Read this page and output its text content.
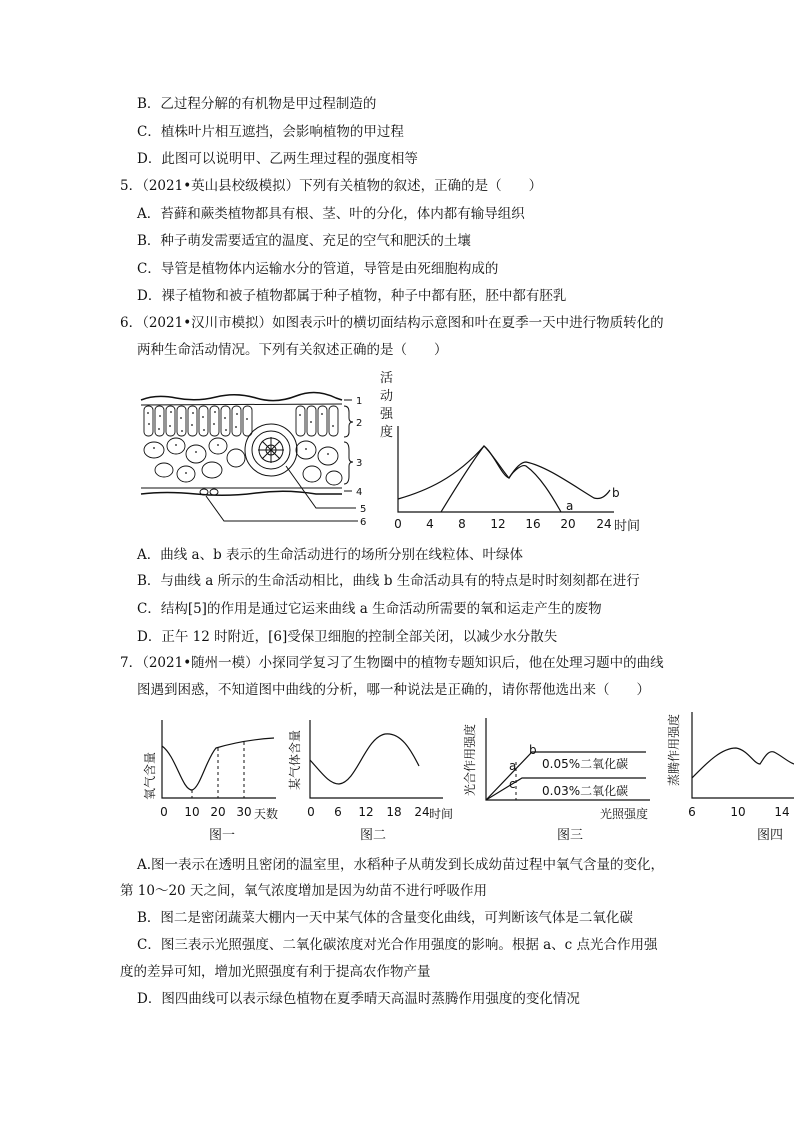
B．乙过程分解的有机物是甲过程制造的
C．植株叶片相互遮挡，会影响植物的甲过程
D．此图可以说明甲、乙两生理过程的强度相等
5．（2021•英山县校级模拟）下列有关植物的叙述，正确的是（　　）
A．苔藓和蕨类植物都具有根、茎、叶的分化，体内都有输导组织
B．种子萌发需要适宜的温度、充足的空气和肥沃的土壤
C．导管是植物体内运输水分的管道，导管是由死细胞构成的
D．裸子植物和被子植物都属于种子植物，种子中都有胚，胚中都有胚乳
6．（2021•汉川市模拟）如图表示叶的横切面结构示意图和叶在夏季一天中进行物质转化的
两种生命活动情况。下列有关叙述正确的是（　　）
1
2
3
4
5
6
活
动
强
度
a
b
0 4 8 12 16 20 24 时间
A．曲线 a、b 表示的生命活动进行的场所分别在线粒体、叶绿体
B．与曲线 a 所示的生命活动相比，曲线 b 生命活动具有的特点是时时刻刻都在进行
C．结构[5]的作用是通过它运来曲线 a 生命活动所需要的氧和运走产生的废物
D．正午 12 时附近，[6]受保卫细胞的控制全部关闭，以减少水分散失
7．（2021•随州一模）小探同学复习了生物圈中的植物专题知识后，他在处理习题中的曲线
图遇到困惑，不知道图中曲线的分析，哪一种说法是正确的，请你帮他选出来（　　）
氧气含量
0 10 20 30 天数
图一
某气体含量
0 6 12 18 24 时间
图二
光合作用强度	a
b
c
0.05%二氧化碳
0.03%二氧化碳
光照强度
图三
蒸腾作用强度
6	10 14
图四
A.图一表示在透明且密闭的温室里，水稻种子从萌发到长成幼苗过程中氧气含量的变化，
第 10～20 天之间，氧气浓度增加是因为幼苗不进行呼吸作用
B．图二是密闭蔬菜大棚内一天中某气体的含量变化曲线，可判断该气体是二氧化碳
C．图三表示光照强度、二氧化碳浓度对光合作用强度的影响。根据 a、c 点光合作用强
度的差异可知，增加光照强度有利于提高农作物产量
D．图四曲线可以表示绿色植物在夏季晴天高温时蒸腾作用强度的变化情况
